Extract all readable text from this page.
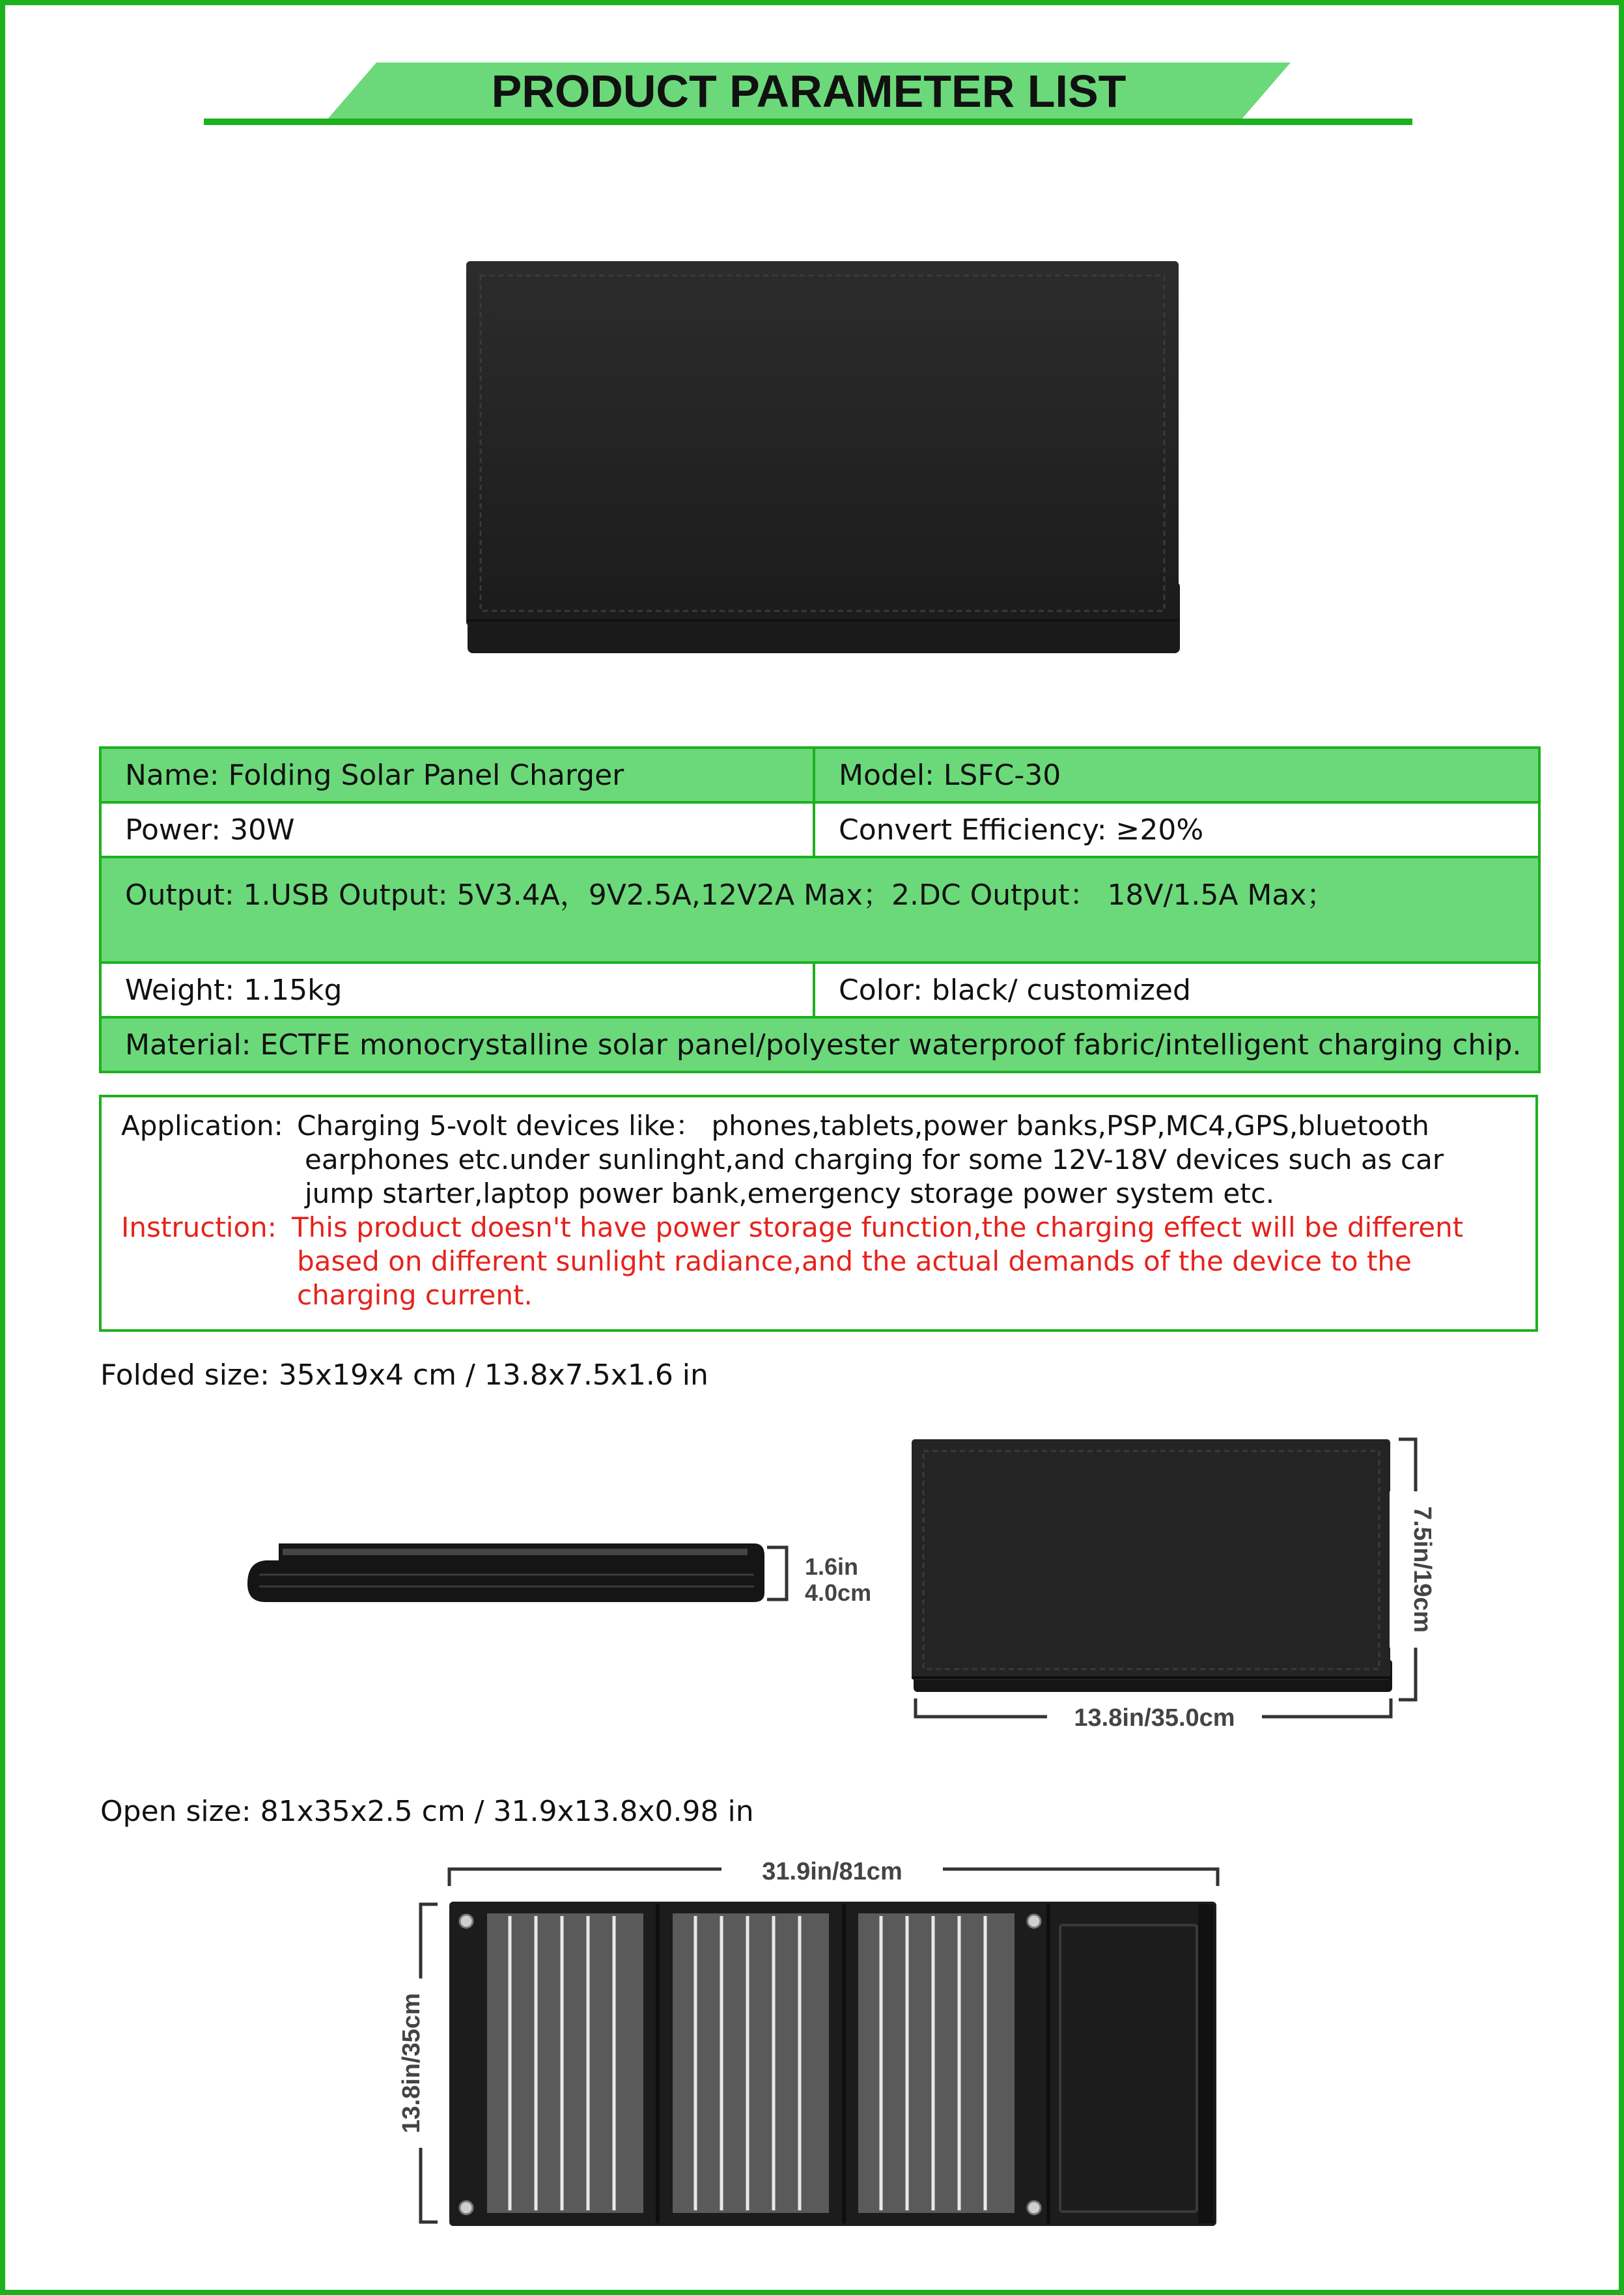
PRODUCT PARAMETER LIST
Name: Folding Solar Panel Charger	Model: LSFC-30
Power: 30W	Convert Efficiency: ≥20%
Output: 1.USB Output: 5V3.4A，9V2.5A,12V2A Max；2.DC Output： 18V/1.5A Max；	
Weight: 1.15kg	Color: black/ customized
Material: ECTFE monocrystalline solar panel/polyester waterproof fabric/intelligent charging chip.	
Application: Charging 5-volt devices like： phones,tablets,power banks,PSP,MC4,GPS,bluetooth
earphones etc.under sunlinght,and charging for some 12V-18V devices such as car
jump starter,laptop power bank,emergency storage power system etc.
Instruction: This product doesn't have power storage function,the charging effect will be different
based on different sunlight radiance,and the actual demands of the device to the
charging current.
Folded size: 35x19x4 cm / 13.8x7.5x1.6 in
1.6in
4.0cm	7.5in/19cm
13.8in/35.0cm
Open size: 81x35x2.5 cm / 31.9x13.8x0.98 in
31.9in/81cm
13.8in/35cm
